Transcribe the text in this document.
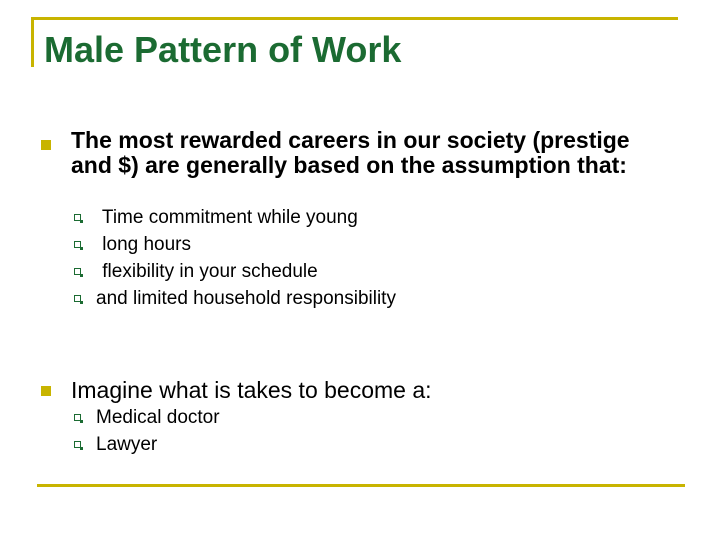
Male Pattern of Work

The most rewarded careers in our society (prestige and $) are generally based on the assumption that:

Time commitment while young

long hours

flexibility in your schedule

and limited household responsibility

Imagine what is takes to become a:

Medical doctor

Lawyer
